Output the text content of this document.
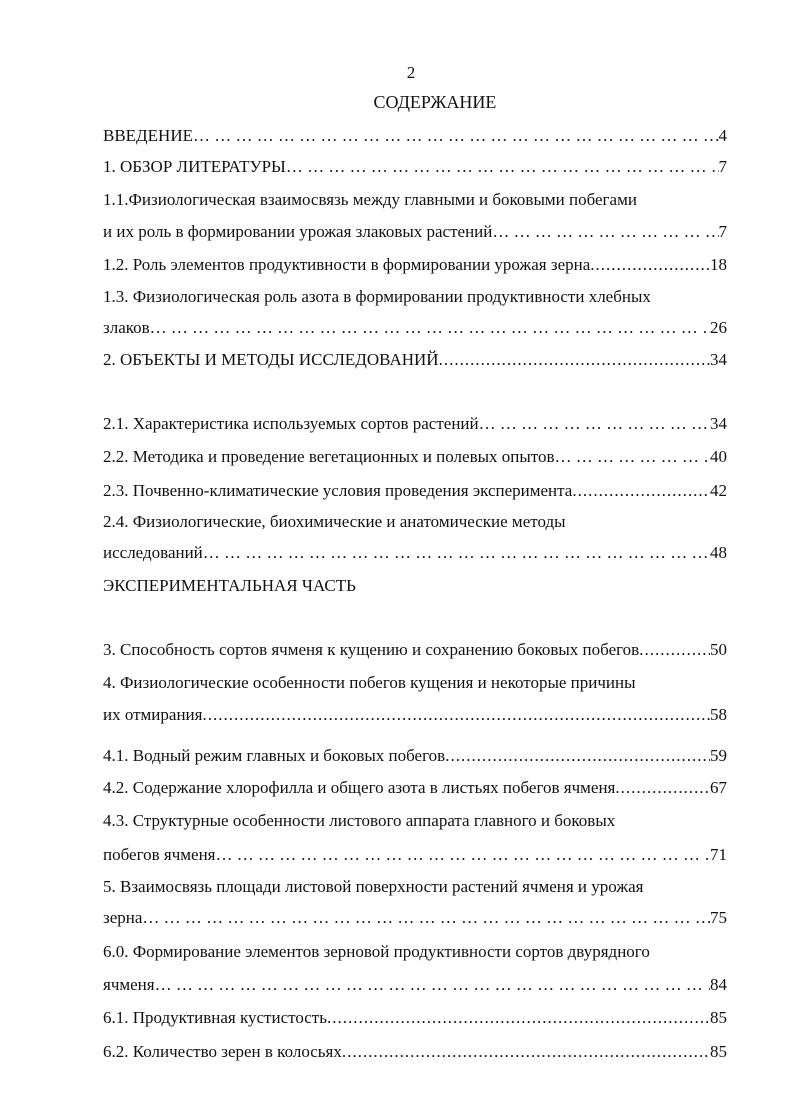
2
СОДЕРЖАНИЕ
ВВЕДЕНИЕ … … … … … … … … … … … … … … … … … … … … … … … … … … … … … … … … … … … … … … … … … … … … … … … … … … … … … … … … … … … … … … … …	4
1. ОБЗОР ЛИТЕРАТУРЫ … … … … … … … … … … … … … … … … … … … … … … … … … … … … … … … … … … … … … … … … … … … … … … … … … … … … … … … … … … … … … … … …	7
1.1.Физиологическая взаимосвязь между главными и боковыми побегами
и их роль в формировании урожая злаковых растений … … … … … … … … … … … … … … … … … … … … … … … … … … … … … … … … … … … … … … … … … … … … … … … … … … … … … … … … … … … … … … … …	7
1.2. Роль элементов продуктивности в формировании урожая зерна .....	18
1.3. Физиологическая роль азота в формировании продуктивности хлебных
злаков … … … … … … … … … … … … … … … … … … … … … … … … … … … … … … … … … … … … … … … … … … … … … … … … … … … … … … … … … … … … … … … …	26
2. ОБЪЕКТЫ И МЕТОДЫ ИССЛЕДОВАНИЙ .....	34
2.1. Характеристика используемых сортов растений … … … … … … … … … … … … … … … … … … … … … … … … … … … … … … … … … … … … … … … … … … … … … … … … … … … … … … … … … … … … … … … …	34
2.2. Методика и проведение вегетационных и полевых опытов … … … … … … … … … … … … … … … … … … … … … … … … … … … … … … … … … … … … … … … … … … … … … … … … … … … … … … … … … … … … … … … …	40
2.3. Почвенно-климатические условия проведения эксперимента .....	42
2.4. Физиологические, биохимические и анатомические методы
исследований … … … … … … … … … … … … … … … … … … … … … … … … … … … … … … … … … … … … … … … … … … … … … … … … … … … … … … … … … … … … … … … …	48
ЭКСПЕРИМЕНТАЛЬНАЯ ЧАСТЬ
3. Способность сортов ячменя к кущению и сохранению боковых побегов .....	50
4. Физиологические особенности побегов кущения и некоторые причины
их отмирания .....	58
4.1. Водный режим главных и боковых побегов .....	59
4.2. Содержание хлорофилла и общего азота в листьях побегов ячменя .....	67
4.3. Структурные особенности листового аппарата главного и боковых
побегов ячменя … … … … … … … … … … … … … … … … … … … … … … … … … … … … … … … … … … … … … … … … … … … … … … … … … … … … … … … … … … … … … … … …	71
5. Взаимосвязь площади листовой поверхности растений ячменя и урожая
зерна … … … … … … … … … … … … … … … … … … … … … … … … … … … … … … … … … … … … … … … … … … … … … … … … … … … … … … … … … … … … … … … …	75
6.0. Формирование элементов зерновой продуктивности сортов двурядного
ячменя … … … … … … … … … … … … … … … … … … … … … … … … … … … … … … … … … … … … … … … … … … … … … … … … … … … … … … … … … … … … … … … …	84
6.1. Продуктивная кустистость .....	85
6.2. Количество зерен в колосьях .....	85
